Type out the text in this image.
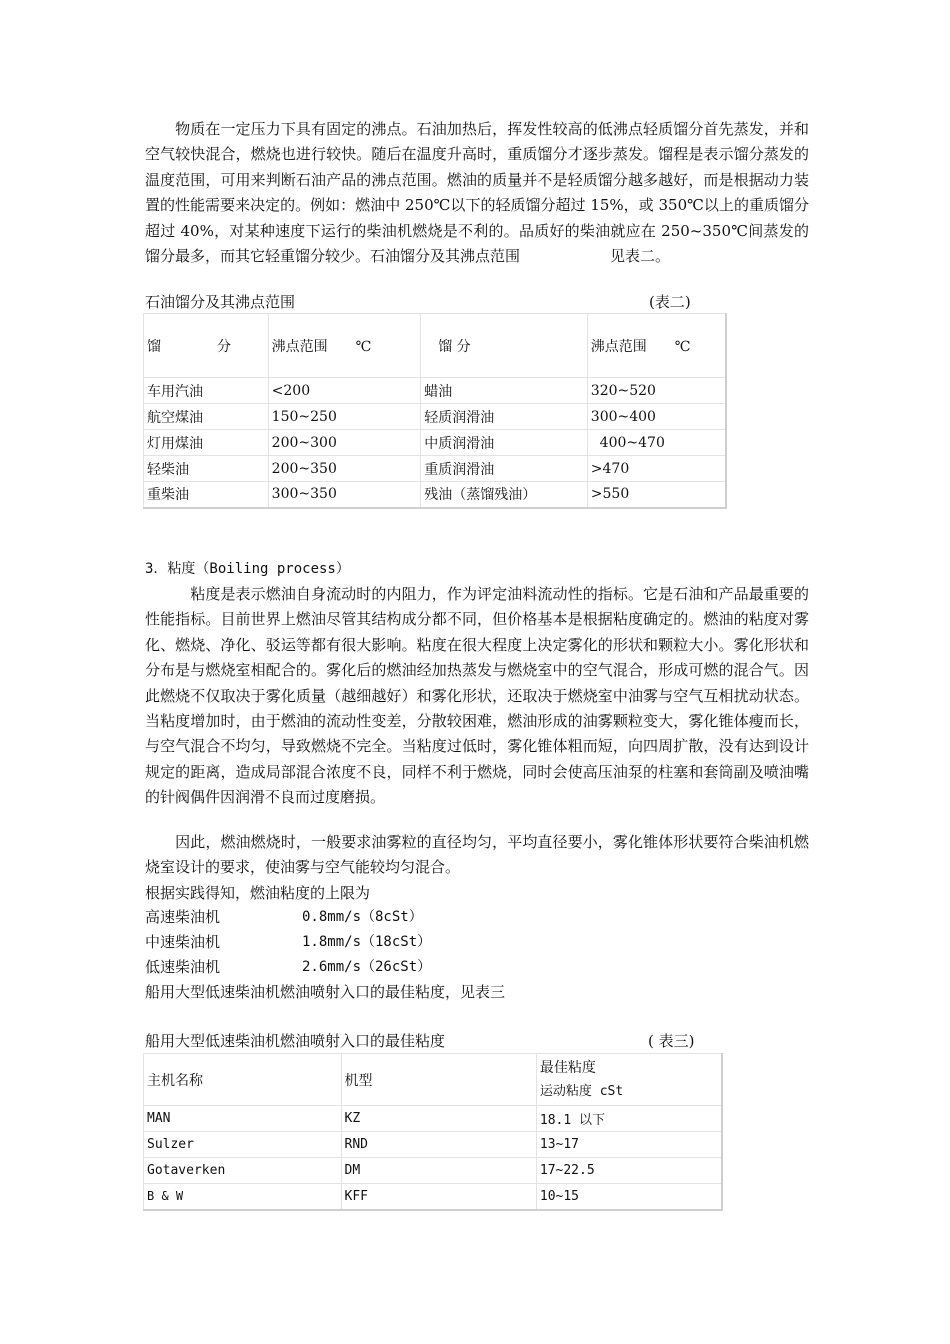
　　物质在一定压力下具有固定的沸点。石油加热后，挥发性较高的低沸点轻质馏分首先蒸发，并和空气较快混合，燃烧也进行较快。随后在温度升高时，重质馏分才逐步蒸发。馏程是表示馏分蒸发的温度范围，可用来判断石油产品的沸点范围。燃油的质量并不是轻质馏分越多越好，而是根据动力装置的性能需要来决定的。例如：燃油中 250℃以下的轻质馏分超过 15%，或 350℃以上的重质馏分超过 40%，对某种速度下运行的柴油机燃烧是不利的。品质好的柴油就应在 250~350℃间蒸发的馏分最多，而其它轻重馏分较少。石油馏分及其沸点范围　　　　　　见表二。
石油馏分及其沸点范围	(表二)
馏　　　　分	沸点范围　　℃	　馏 分	沸点范围　　℃
车用汽油	<200	蜡油	320~520
航空煤油	150~250	轻质润滑油	300~400
灯用煤油	200~300	中质润滑油	400~470
轻柴油	200~350	重质润滑油	>470
重柴油	300~350	残油（蒸馏残油）	>550
3．粘度（Boiling process）
　　　粘度是表示燃油自身流动时的内阻力，作为评定油料流动性的指标。它是石油和产品最重要的性能指标。目前世界上燃油尽管其结构成分都不同，但价格基本是根据粘度确定的。燃油的粘度对雾化、燃烧、净化、驳运等都有很大影响。粘度在很大程度上决定雾化的形状和颗粒大小。雾化形状和分布是与燃烧室相配合的。雾化后的燃油经加热蒸发与燃烧室中的空气混合，形成可燃的混合气。因此燃烧不仅取决于雾化质量（越细越好）和雾化形状，还取决于燃烧室中油雾与空气互相扰动状态。当粘度增加时，由于燃油的流动性变差，分散较困难，燃油形成的油雾颗粒变大，雾化锥体瘦而长，与空气混合不均匀，导致燃烧不完全。当粘度过低时，雾化锥体粗而短，向四周扩散，没有达到设计规定的距离，造成局部混合浓度不良，同样不利于燃烧，同时会使高压油泵的柱塞和套筒副及喷油嘴的针阀偶件因润滑不良而过度磨损。
　　因此，燃油燃烧时，一般要求油雾粒的直径均匀，平均直径要小，雾化锥体形状要符合柴油机燃烧室设计的要求，使油雾与空气能较均匀混合。
根据实践得知，燃油粘度的上限为
高速柴油机	0.8mm/s（8cSt）
中速柴油机	1.8mm/s（18cSt）
低速柴油机	2.6mm/s（26cSt）
船用大型低速柴油机燃油喷射入口的最佳粘度，见表三
船用大型低速柴油机燃油喷射入口的最佳粘度	( 表三)
主机名称	机型	最佳粘度
运动粘度 cSt

MAN	KZ	18.1 以下
Sulzer	RND	13~17
Gotaverken	DM	17~22.5
B & W	KFF	10~15
